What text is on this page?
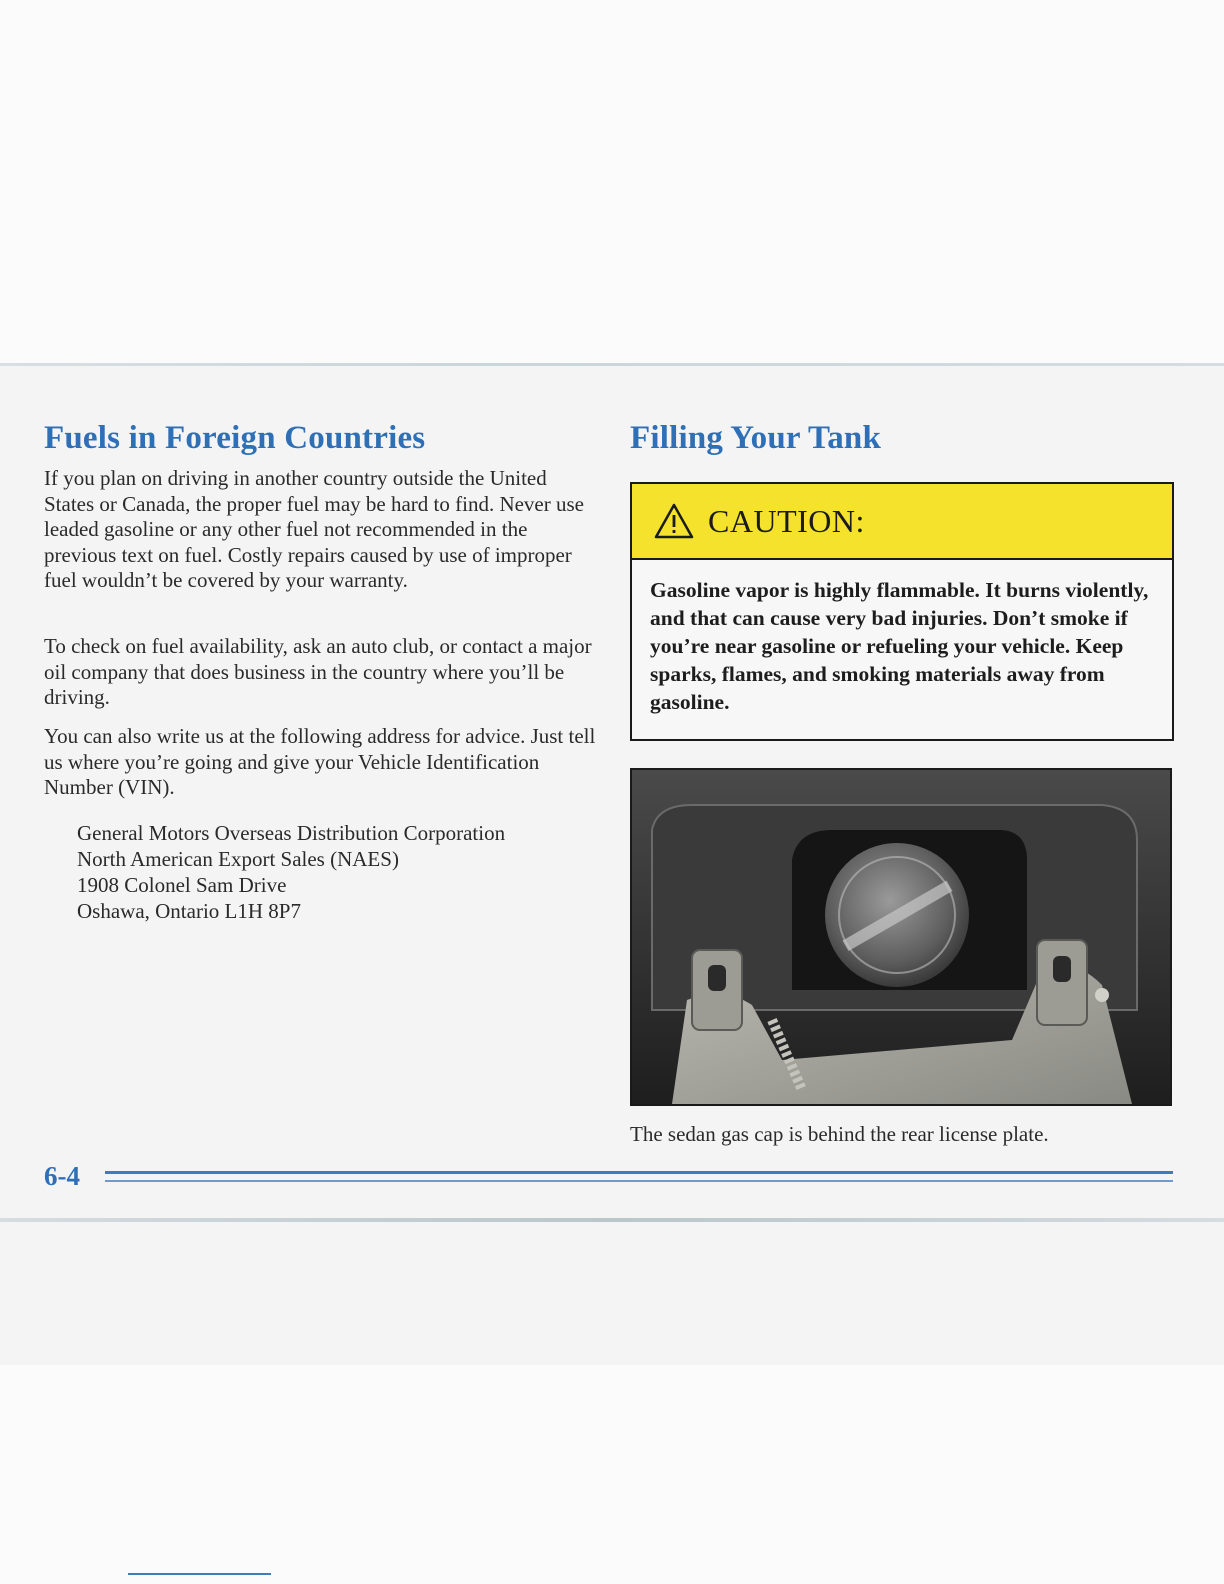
Fuels in Foreign Countries

If you plan on driving in another country outside the United States or Canada, the proper fuel may be hard to find. Never use leaded gasoline or any other fuel not recommended in the previous text on fuel. Costly repairs caused by use of improper fuel wouldn’t be covered by your warranty.

To check on fuel availability, ask an auto club, or contact a major oil company that does business in the country where you’ll be driving.

You can also write us at the following address for advice. Just tell us where you’re going and give your Vehicle Identification Number (VIN).

General Motors Overseas Distribution Corporation
North American Export Sales (NAES)
1908 Colonel Sam Drive
Oshawa, Ontario L1H 8P7
Filling Your Tank
CAUTION:

Gasoline vapor is highly flammable. It burns violently, and that can cause very bad injuries. Don’t smoke if you’re near gasoline or refueling your vehicle. Keep sparks, flames, and smoking materials away from gasoline.

The sedan gas cap is behind the rear license plate.

6-4
